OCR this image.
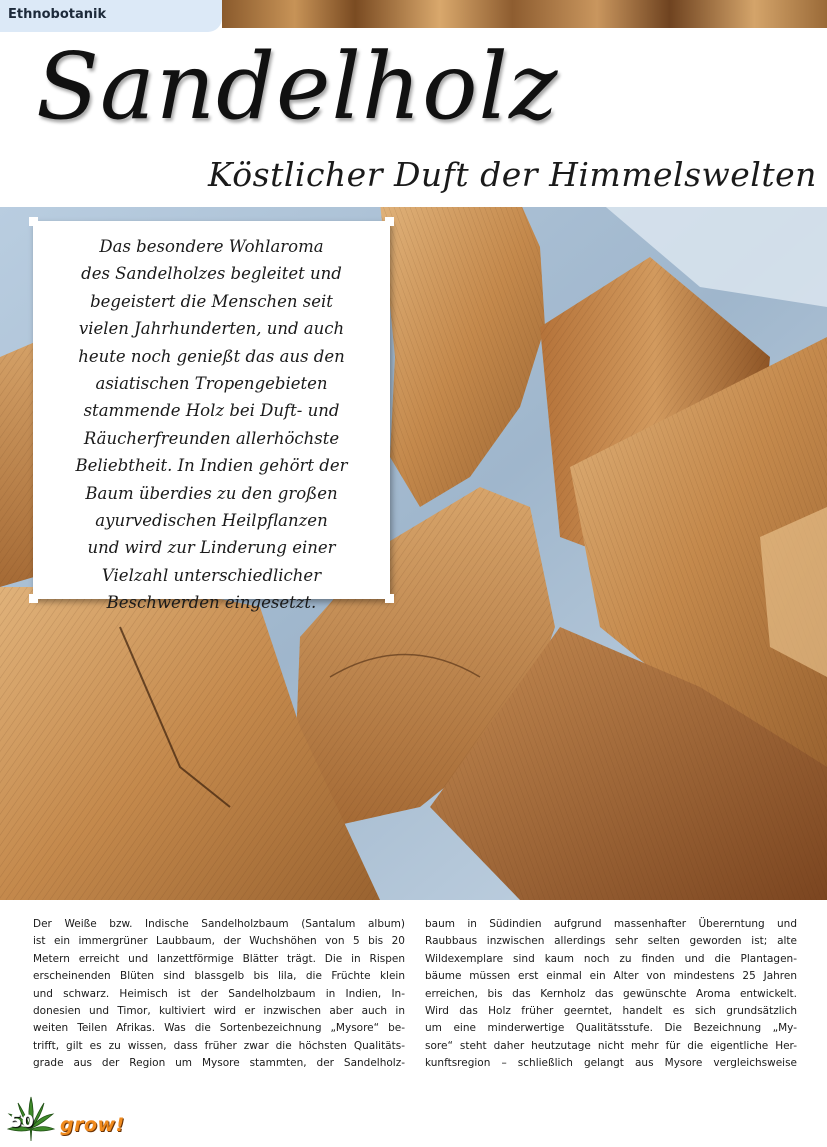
Ethnobotanik
Sandelholz
Köstlicher Duft der Himmelswelten
Das besondere Wohlaroma
des Sandelholzes begleitet und
begeistert die Menschen seit
vielen Jahrhunderten, und auch
heute noch genießt das aus den
asiatischen Tropengebieten
stammende Holz bei Duft- und
Räucherfreunden allerhöchste
Beliebtheit. In Indien gehört der
Baum überdies zu den großen
ayurvedischen Heilpflanzen
und wird zur Linderung einer
Vielzahl unterschiedlicher
Beschwerden eingesetzt.
Der Weiße bzw. Indische Sandelholzbaum (Santalum album)
ist ein immergrüner Laubbaum, der Wuchshöhen von 5 bis 20
Metern erreicht und lanzettförmige Blätter trägt. Die in Rispen
erscheinenden Blüten sind blassgelb bis lila, die Früchte klein
und schwarz. Heimisch ist der Sandelholzbaum in Indien, In-
donesien und Timor, kultiviert wird er inzwischen aber auch in
weiten Teilen Afrikas. Was die Sortenbezeichnung „Mysore“ be-
trifft, gilt es zu wissen, dass früher zwar die höchsten Qualitäts-
grade aus der Region um Mysore stammten, der Sandelholz-
baum in Südindien aufgrund massenhafter Übererntung und
Raubbaus inzwischen allerdings sehr selten geworden ist; alte
Wildexemplare sind kaum noch zu finden und die Plantagen-
bäume müssen erst einmal ein Alter von mindestens 25 Jahren
erreichen, bis das Kernholz das gewünschte Aroma entwickelt.
Wird das Holz früher geerntet, handelt es sich grundsätzlich
um eine minderwertige Qualitätsstufe. Die Bezeichnung „My-
sore“ steht daher heutzutage nicht mehr für die eigentliche Her-
kunftsregion – schließlich gelangt aus Mysore vergleichsweise
50 grow!
